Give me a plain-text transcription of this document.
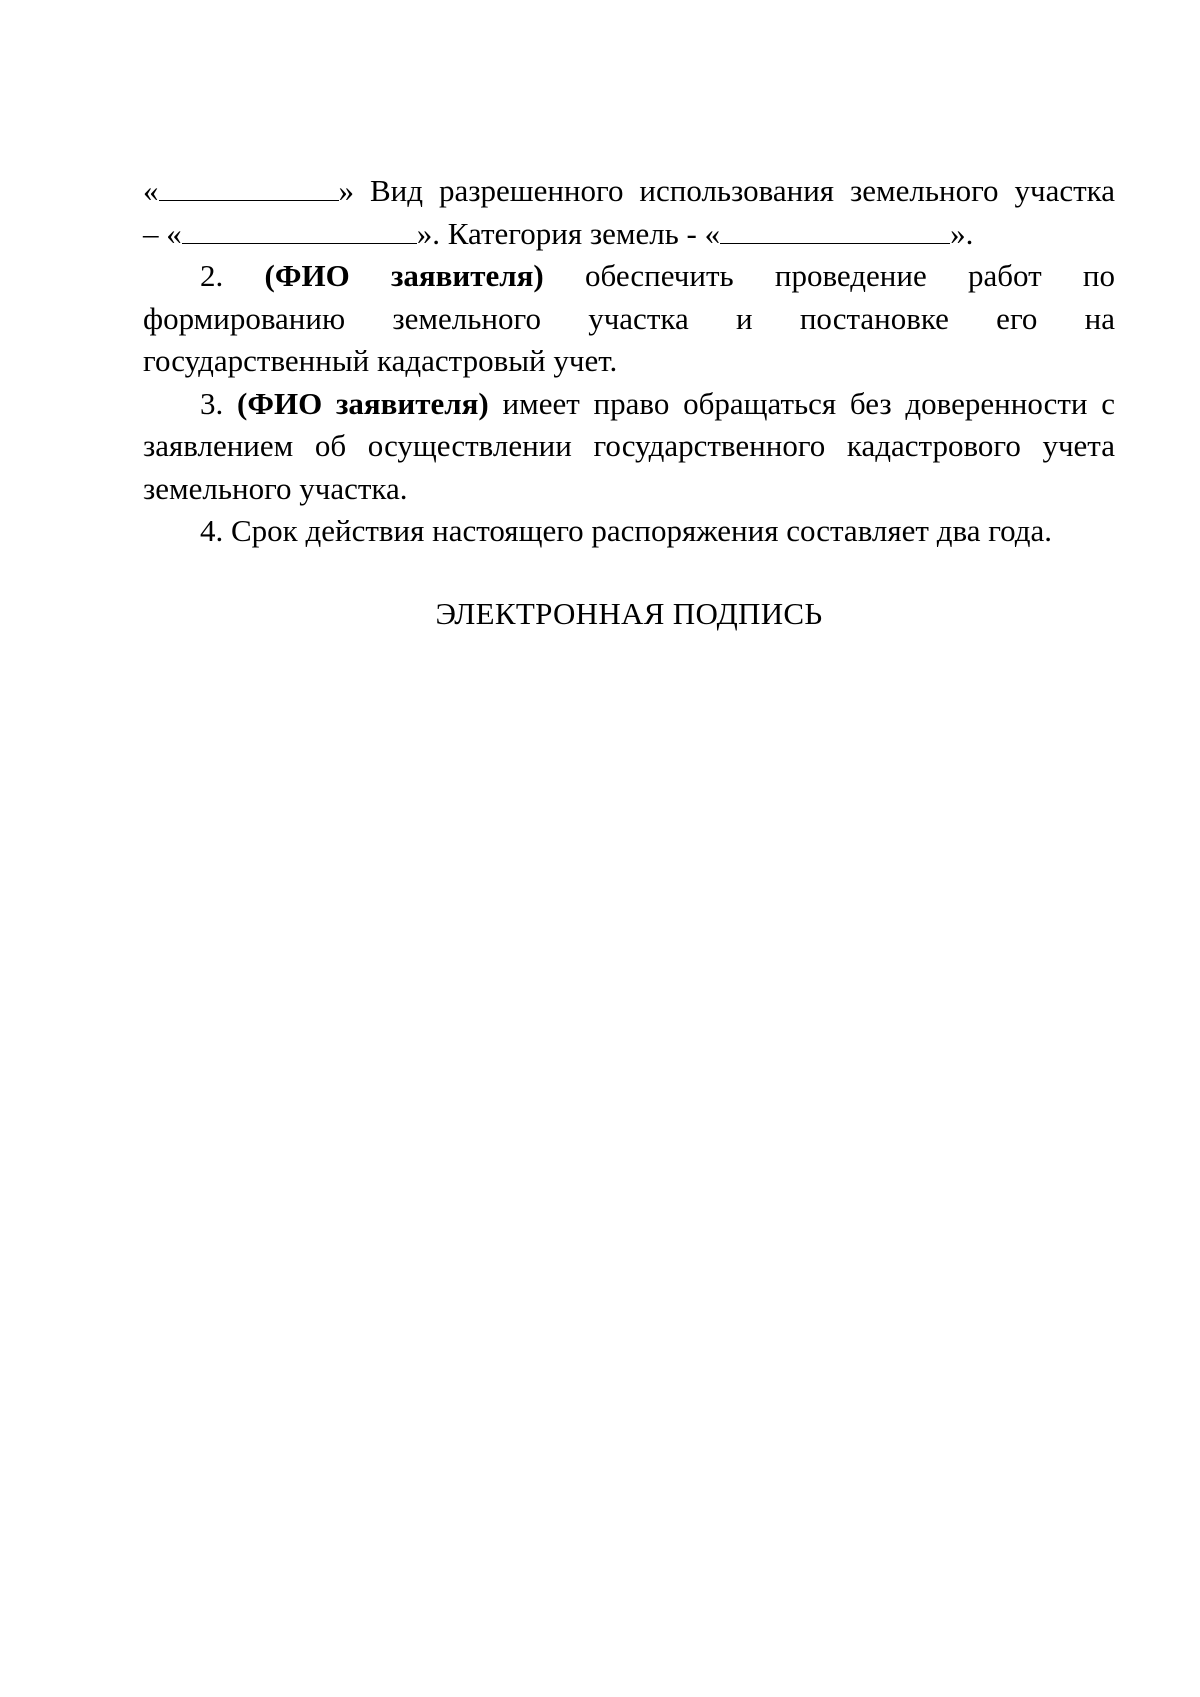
«	» Вид разрешенного использования земельного участка
– «	». Категория земель - «	».
2. (ФИО заявителя) обеспечить проведение работ по
формированию земельного участка и постановке его на
государственный кадастровый учет.
3. (ФИО заявителя) имеет право обращаться без доверенности с
заявлением об осуществлении государственного кадастрового учета
земельного участка.
4. Срок действия настоящего распоряжения составляет два года.
ЭЛЕКТРОННАЯ ПОДПИСЬ
